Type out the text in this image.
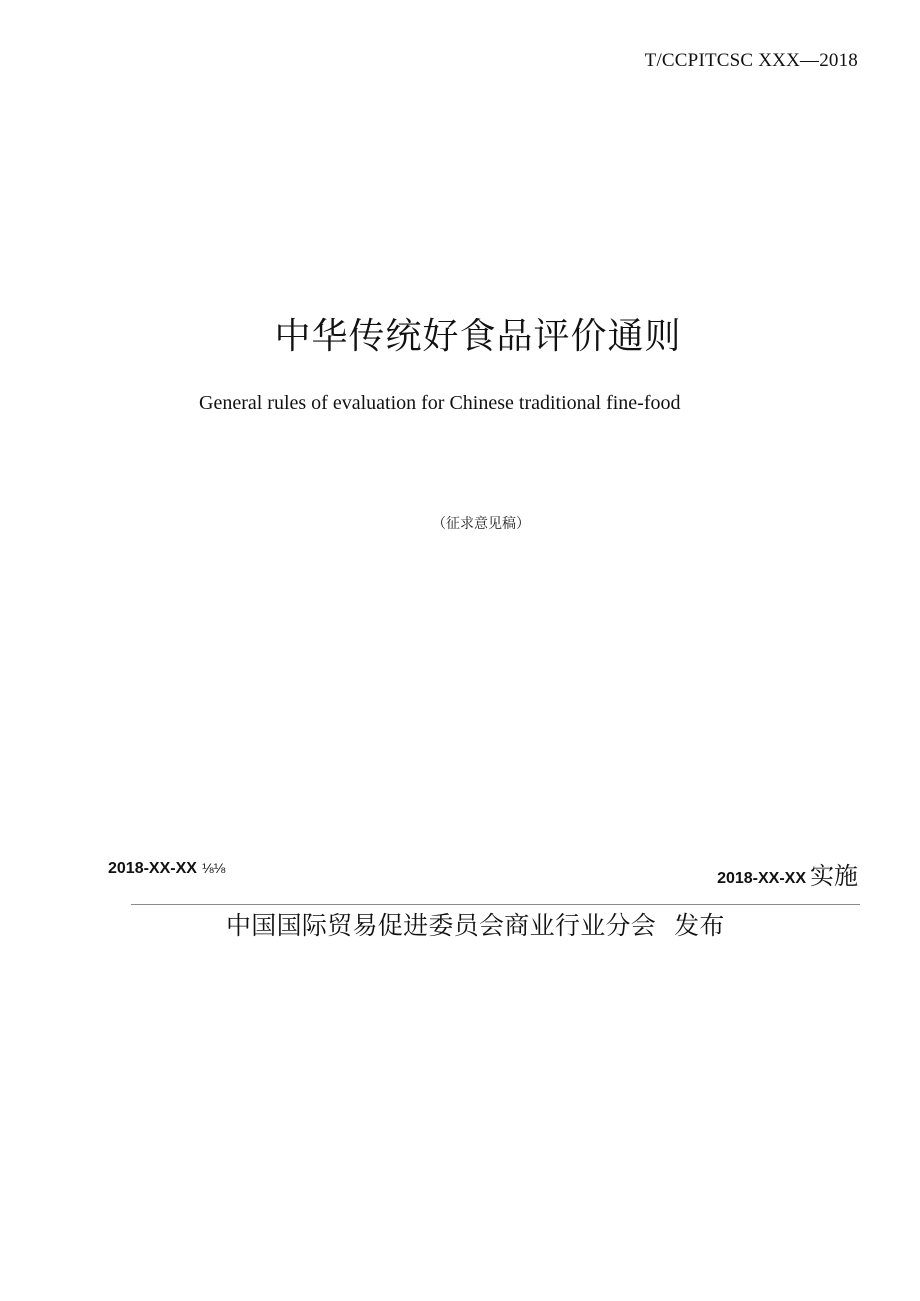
T/CCPITCSC XXX—2018
中华传统好食品评价通则
General rules of evaluation for Chinese traditional fine-food
（征求意见稿）
2018-XX-XX ⅛⅛
2018-XX-XX 实施
中国国际贸易促进委员会商业行业分会 发布
